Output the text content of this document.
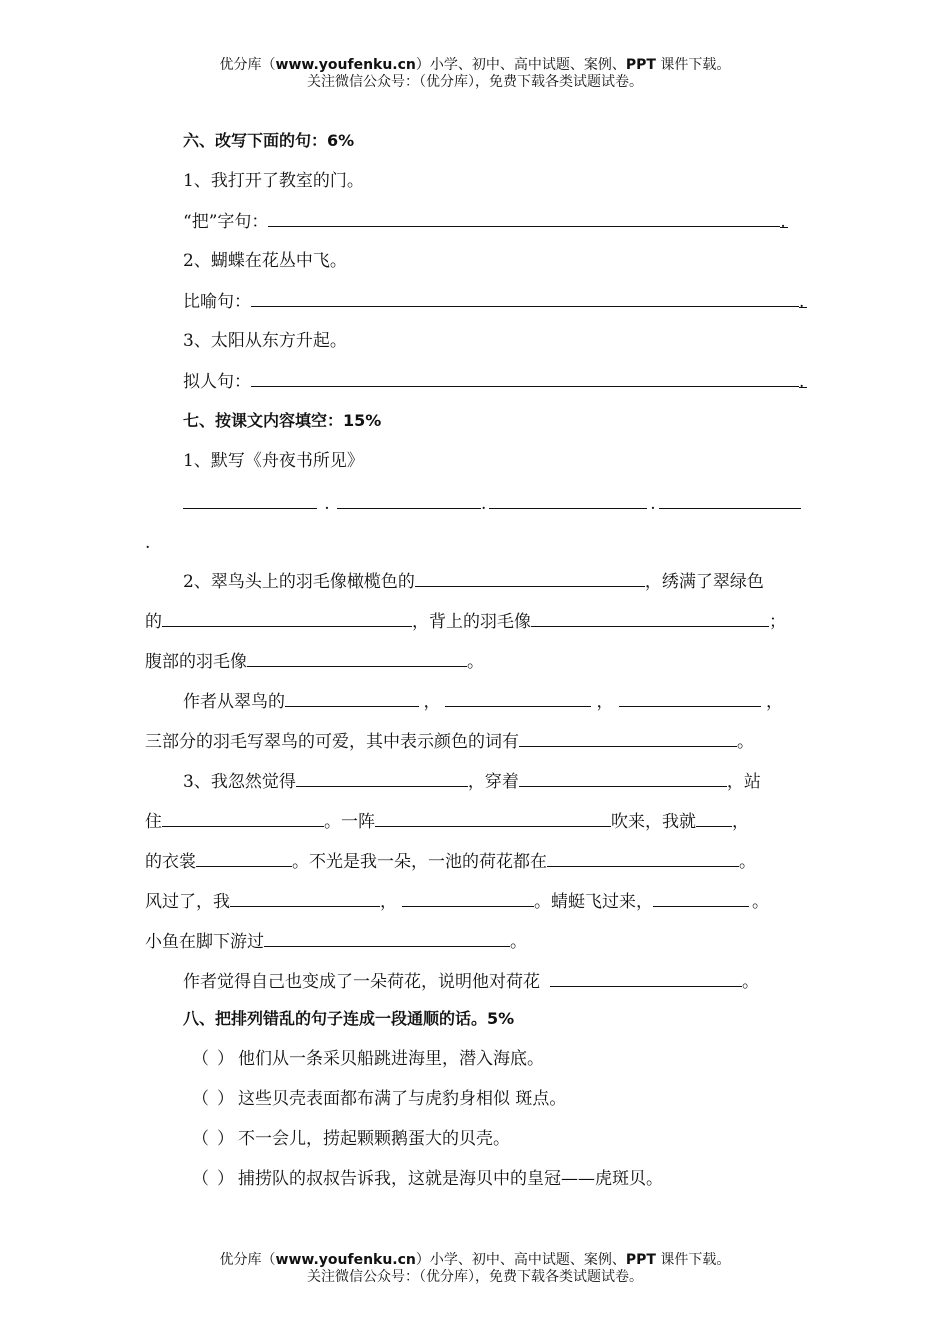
优分库（www.youfenku.cn）小学、初中、高中试题、案例、PPT 课件下载。
关注微信公众号：（优分库），免费下载各类试题试卷。
六、改写下面的句：6%
1、我打开了教室的门。
“把”字句：	.
2、蝴蝶在花丛中飞。
比喻句：	.
3、太阳从东方升起。
拟人句：	.
七、按课文内容填空：15%
1、默写《舟夜书所见》
.	.	.
.
2、翠鸟头上的羽毛像橄榄色的	，绣满了翠绿色
的	，背上的羽毛像	；
腹部的羽毛像	。
作者从翠鸟的	，	，	，
三部分的羽毛写翠鸟的可爱，其中表示颜色的词有	。
3、我忽然觉得	，穿着	，站
住	。一阵	吹来，我就 ，
的衣裳	。不光是我一朵，一池的荷花都在	。
风过了，我	，	。蜻蜓飞过来，	。
小鱼在脚下游过	。
作者觉得自己也变成了一朵荷花，说明他对荷花	。
八、把排列错乱的句子连成一段通顺的话。5%
（ ） 他们从一条采贝船跳进海里，潜入海底。
（ ） 这些贝壳表面都布满了与虎豹身相似 斑点。
（ ） 不一会儿，捞起颗颗鹅蛋大的贝壳。
（ ） 捕捞队的叔叔告诉我，这就是海贝中的皇冠——虎斑贝。
优分库（www.youfenku.cn）小学、初中、高中试题、案例、PPT 课件下载。
关注微信公众号：（优分库），免费下载各类试题试卷。
